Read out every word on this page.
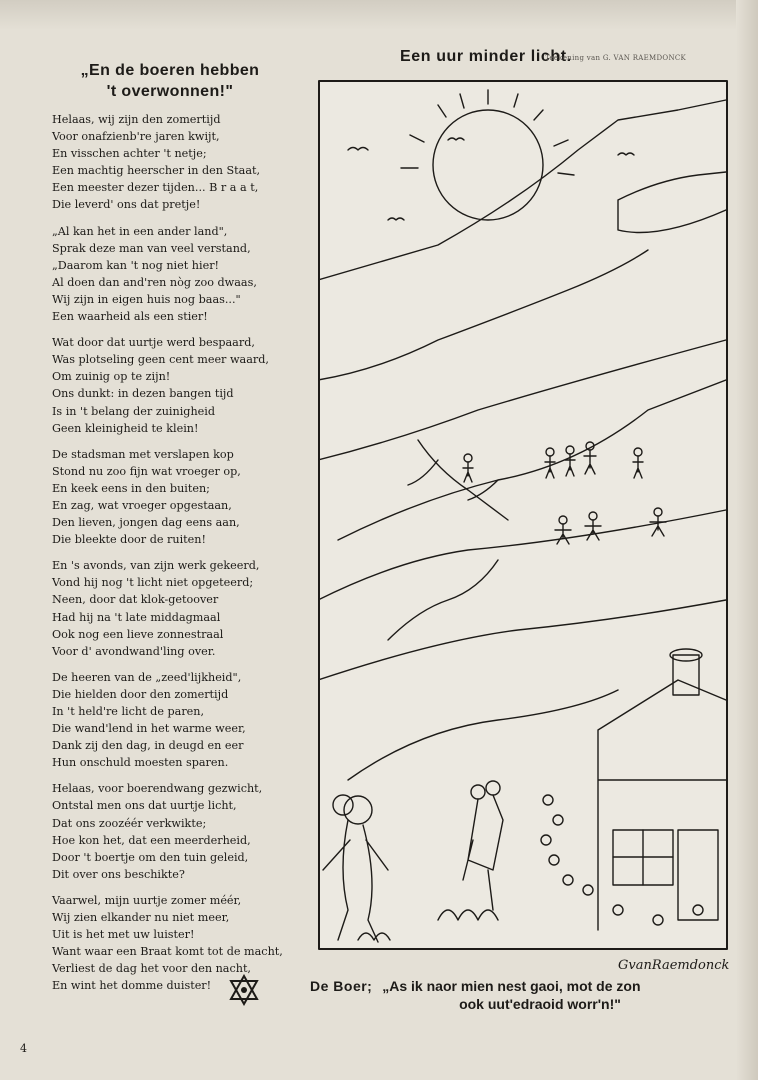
„En de boeren hebben
't overwonnen!"
Helaas, wij zijn den zomertijd
Voor onafzienb're jaren kwijt,
En visschen achter 't netje;
Een machtig heerscher in den Staat,
Een meester dezer tijden... B r a a t,
Die leverd' ons dat pretje!
„Al kan het in een ander land",
Sprak deze man van veel verstand,
„Daarom kan 't nog niet hier!
Al doen dan and'ren nòg zoo dwaas,
Wij zijn in eigen huis nog baas..."
Een waarheid als een stier!
Wat door dat uurtje werd bespaard,
Was plotseling geen cent meer waard,
Om zuinig op te zijn!
Ons dunkt: in dezen bangen tijd
Is in 't belang der zuinigheid
Geen kleinigheid te klein!
De stadsman met verslapen kop
Stond nu zoo fijn wat vroeger op,
En keek eens in den buiten;
En zag, wat vroeger opgestaan,
Den lieven, jongen dag eens aan,
Die bleekte door de ruiten!
En 's avonds, van zijn werk gekeerd,
Vond hij nog 't licht niet opgeteerd;
Neen, door dat klok-getoover
Had hij na 't late middagmaal
Ook nog een lieve zonnestraal
Voor d' avondwand'ling over.
De heeren van de „zeed'lijkheid",
Die hielden door den zomertijd
In 't held're licht de paren,
Die wand'lend in het warme weer,
Dank zij den dag, in deugd en eer
Hun onschuld moesten sparen.
Helaas, voor boerendwang gezwicht,
Ontstal men ons dat uurtje licht,
Dat ons zoozéér verkwikte;
Hoe kon het, dat een meerderheid,
Door 't boertje om den tuin geleid,
Dit over ons beschikte?
Vaarwel, mijn uurtje zomer méér,
Wij zien elkander nu niet meer,
Uit is het met uw luister!
Want waar een Braat komt tot de macht,
Verliest de dag het voor den nacht,
En wint het domme duister!
4
Een uur minder licht.
Teekening van G. VAN RAEMDONCK
GvanRaemdonck
De Boer; „As ik naor mien nest gaoi, mot de zon
ook uut'edraoid worr'n!"
